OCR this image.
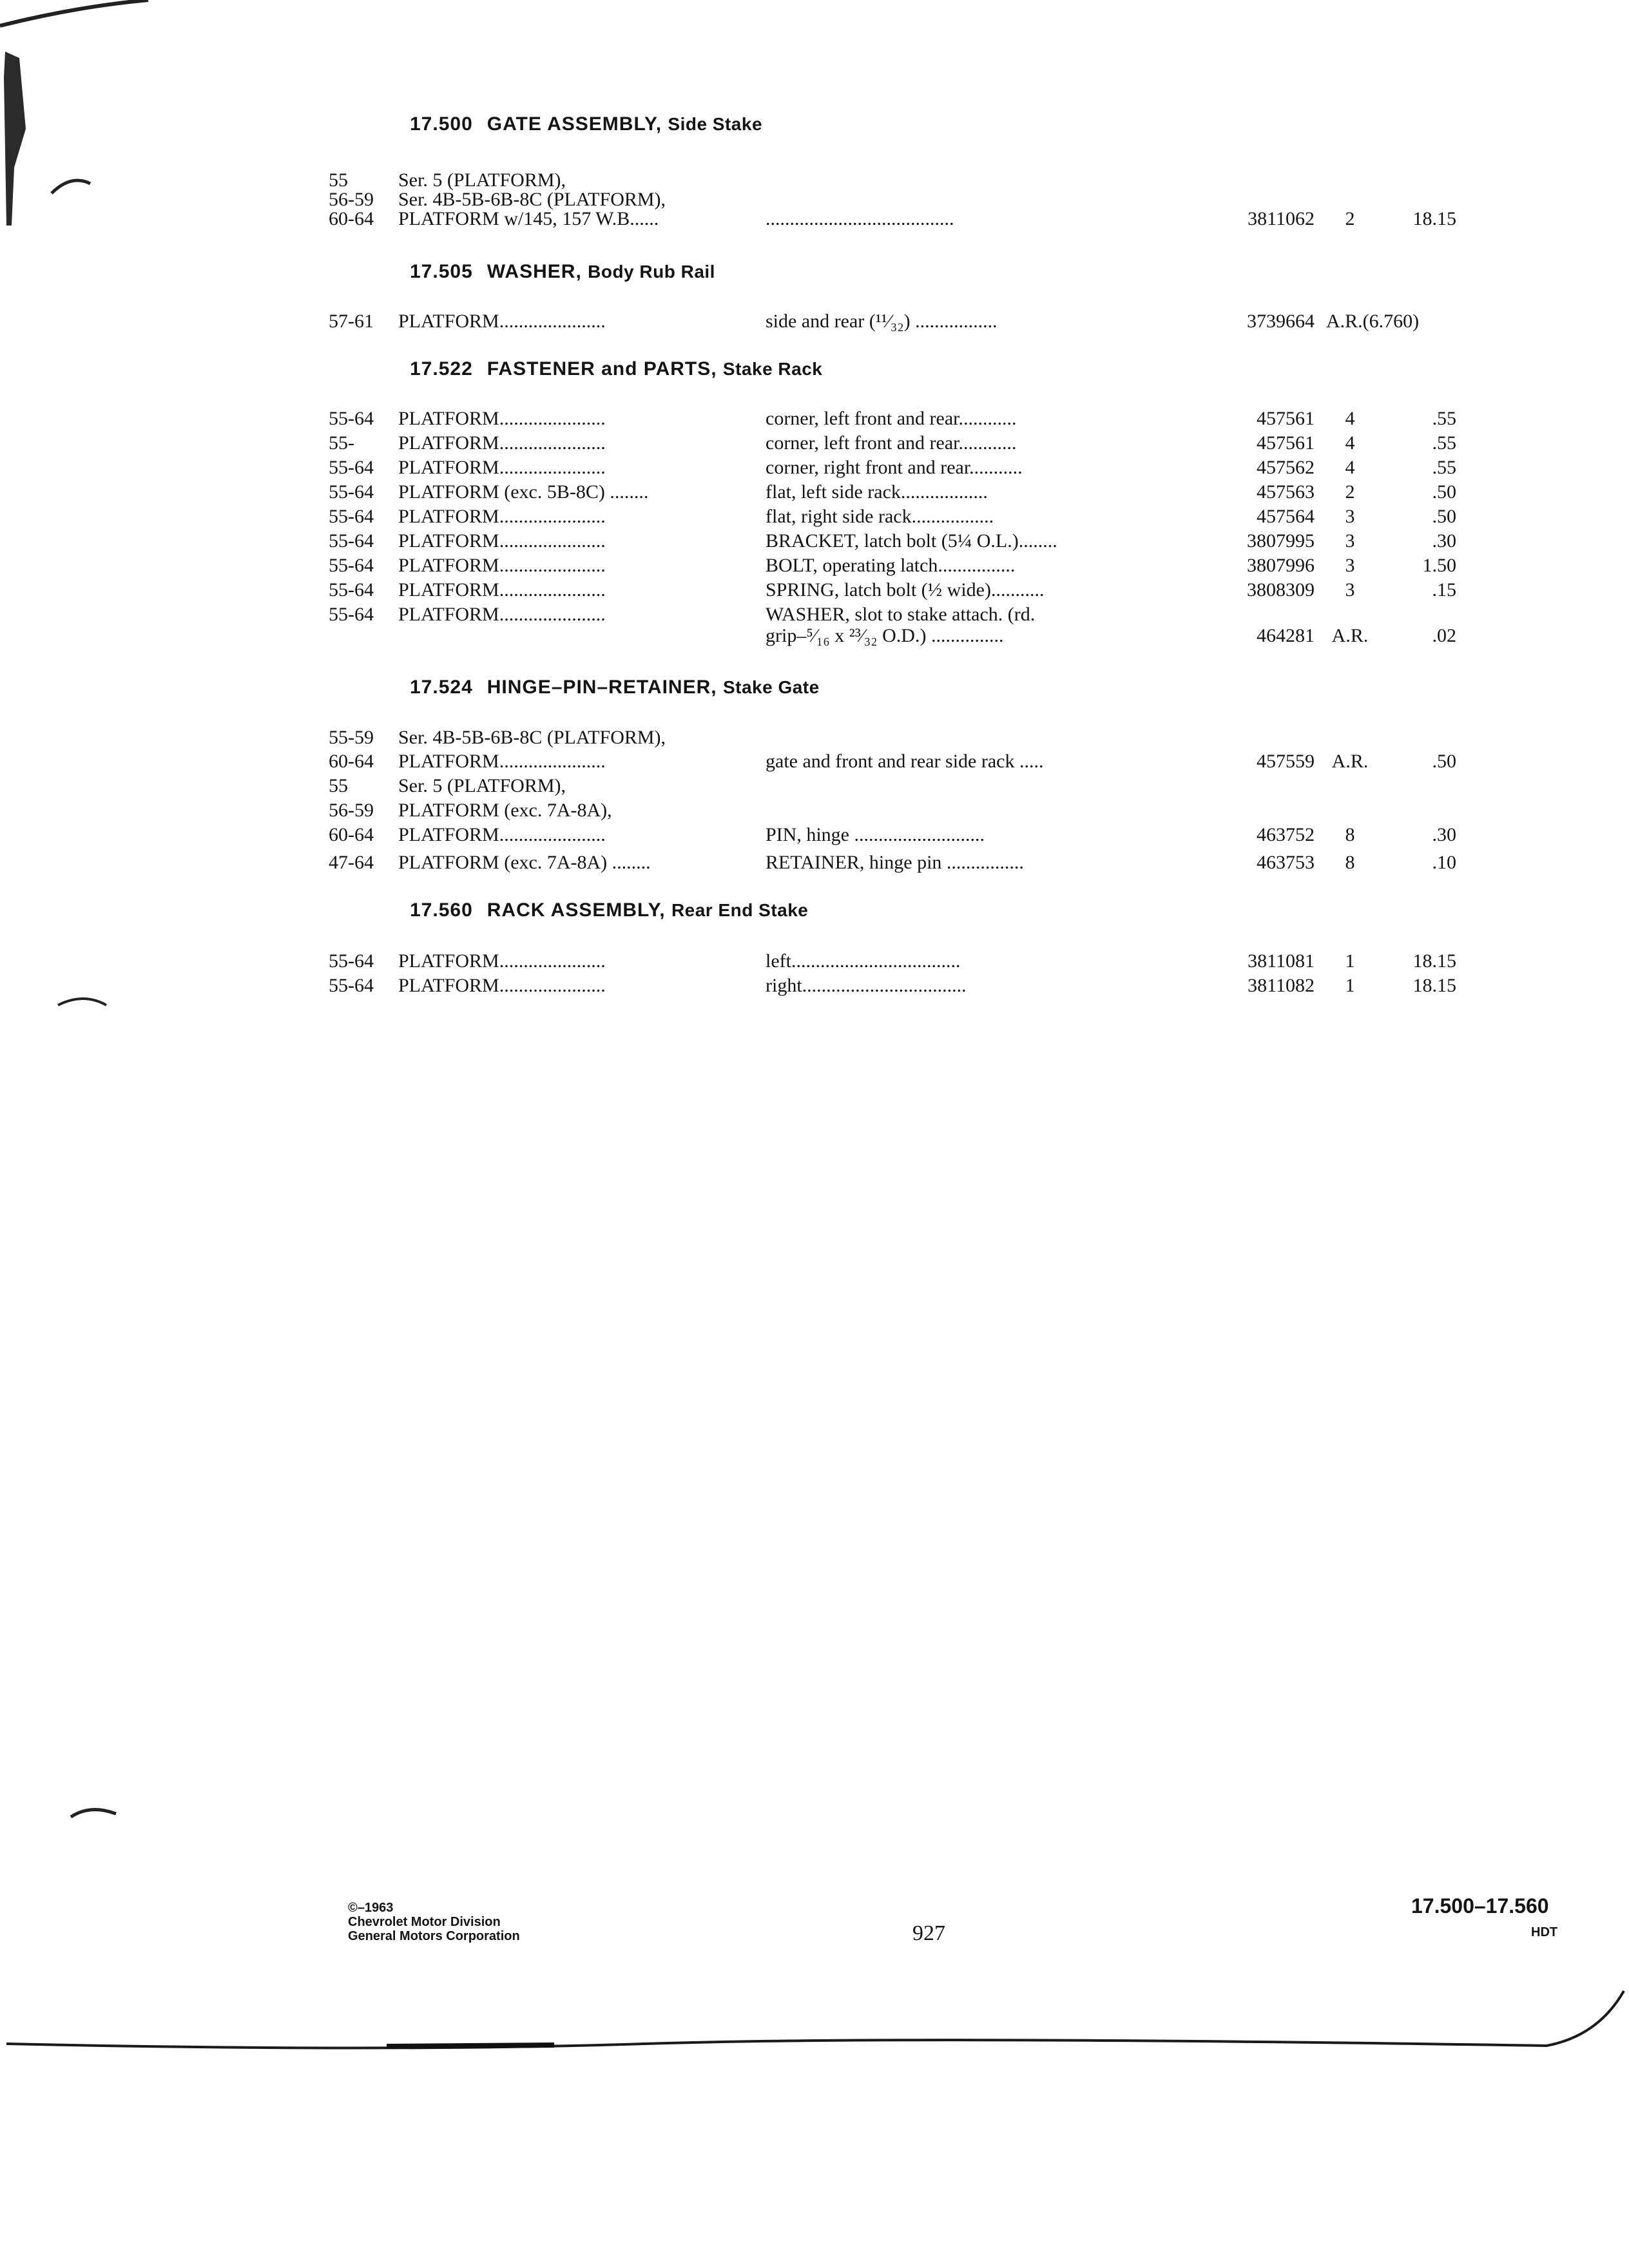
17.500 GATE ASSEMBLY, Side Stake
55	Ser. 5 (PLATFORM),
56-59 Ser. 4B-5B-6B-8C (PLATFORM),
60-64 PLATFORM w/145, 157 W.B......	.......................................	3811062	2	18.15
17.505 WASHER, Body Rub Rail
57-61 PLATFORM......................	side and rear (¹¹⁄₃₂) .................	3739664 A.R.(6.760)
17.522 FASTENER and PARTS, Stake Rack
55-64 PLATFORM......................	corner, left front and rear............	457561	4	.55
55- PLATFORM......................	corner, left front and rear............	457561	4	.55
55-64 PLATFORM......................	corner, right front and rear...........	457562	4	.55
55-64 PLATFORM (exc. 5B-8C) ........	flat, left side rack..................	457563	2	.50
55-64 PLATFORM......................	flat, right side rack.................	457564	3	.50
55-64 PLATFORM......................	BRACKET, latch bolt (5¼ O.L.)........	3807995	3	.30
55-64 PLATFORM......................	BOLT, operating latch................	3807996	3	1.50
55-64 PLATFORM......................	SPRING, latch bolt (½ wide)...........	3808309	3	.15
55-64 PLATFORM......................	WASHER, slot to stake attach. (rd.
grip–⁵⁄₁₆ x ²³⁄₃₂ O.D.) ...............	464281 A.R.	.02
17.524 HINGE–PIN–RETAINER, Stake Gate
55-59 Ser. 4B-5B-6B-8C (PLATFORM),
60-64 PLATFORM......................	gate and front and rear side rack .....	457559 A.R.	.50
55	Ser. 5 (PLATFORM),
56-59 PLATFORM (exc. 7A-8A),
60-64 PLATFORM......................	PIN, hinge ...........................	463752	8	.30
47-64 PLATFORM (exc. 7A-8A) ........	RETAINER, hinge pin ................	463753	8	.10
17.560 RACK ASSEMBLY, Rear End Stake
55-64 PLATFORM......................	left...................................	3811081	1	18.15
55-64 PLATFORM......................	right..................................	3811082	1	18.15
©–1963
Chevrolet Motor Division
General Motors Corporation	927
17.500–17.560
HDT
